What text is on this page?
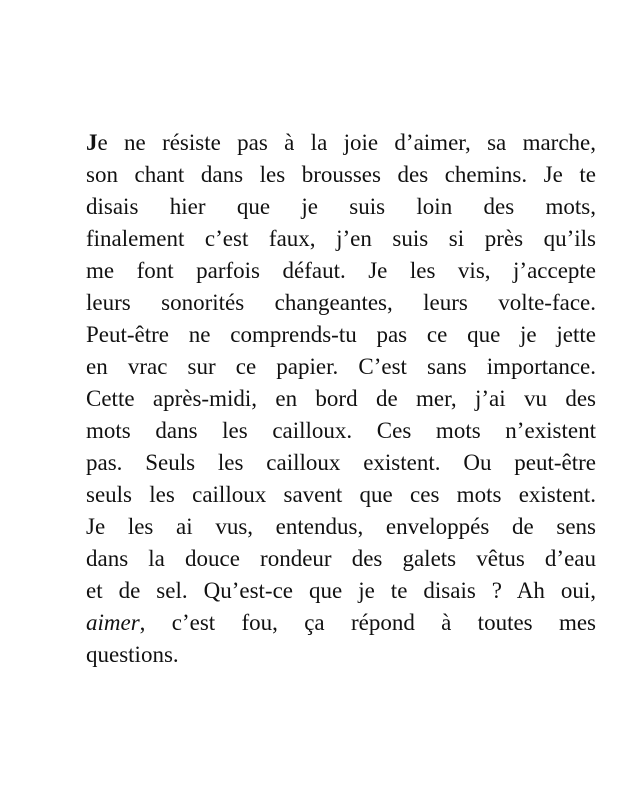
Je ne résiste pas à la joie d’aimer, sa marche,
son chant dans les brousses des chemins. Je te
disais hier que je suis loin des mots,
finalement c’est faux, j’en suis si près qu’ils
me font parfois défaut. Je les vis, j’accepte
leurs sonorités changeantes, leurs volte-face.
Peut-être ne comprends-tu pas ce que je jette
en vrac sur ce papier. C’est sans importance.
Cette après-midi, en bord de mer, j’ai vu des
mots dans les cailloux. Ces mots n’existent
pas. Seuls les cailloux existent. Ou peut-être
seuls les cailloux savent que ces mots existent.
Je les ai vus, entendus, enveloppés de sens
dans la douce rondeur des galets vêtus d’eau
et de sel. Qu’est-ce que je te disais ? Ah oui,
aimer, c’est fou, ça répond à toutes mes
questions.
